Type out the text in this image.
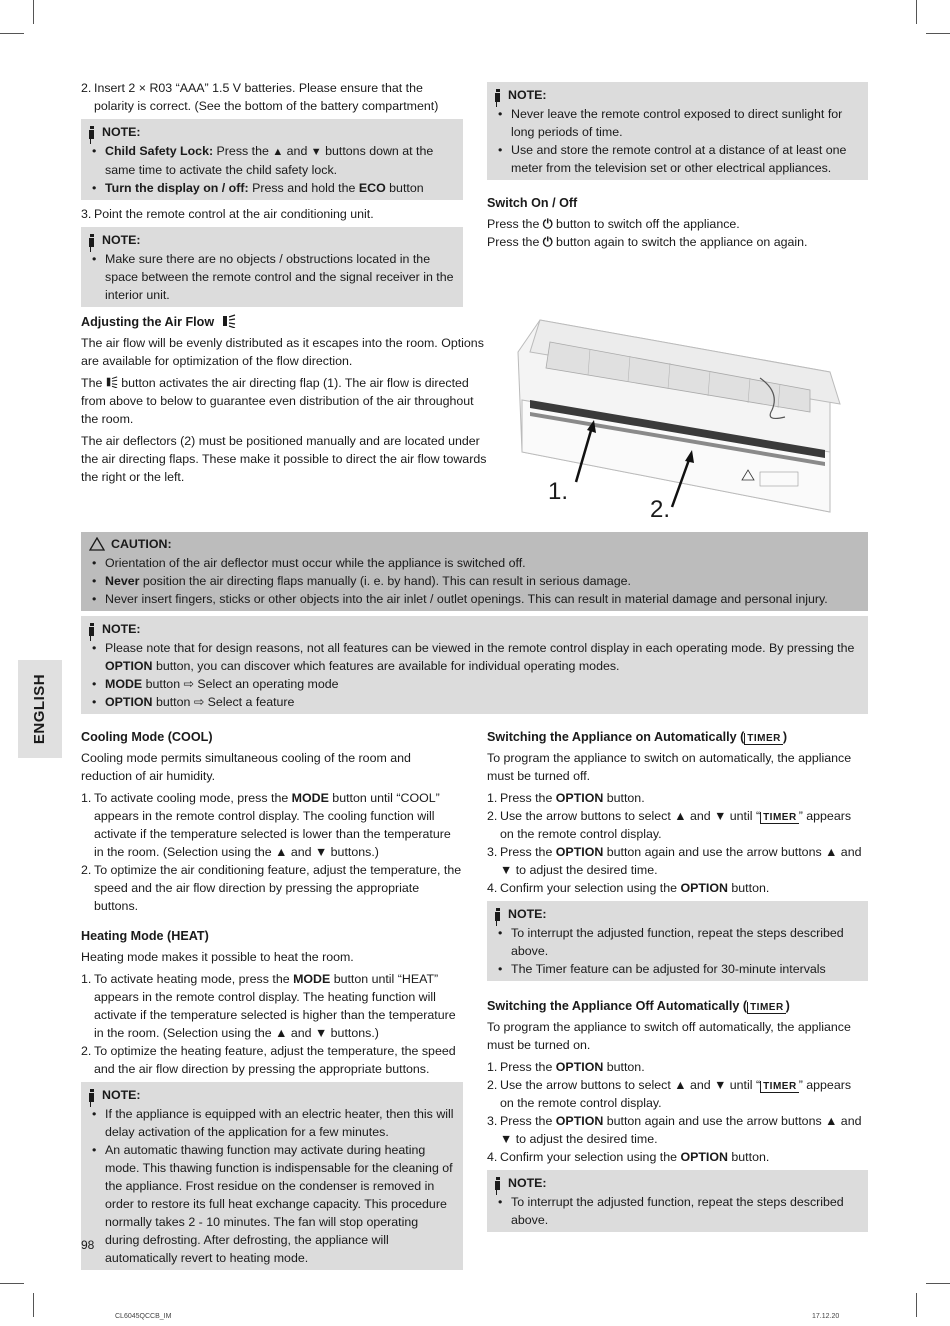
ENGLISH
2. Insert 2 × R03 “AAA” 1.5 V batteries. Please ensure that the polarity is correct. (See the bottom of the battery compartment)
NOTE:
• Child Safety Lock: Press the ▲ and ▼ buttons down at the same time to activate the child safety lock.
• Turn the display on / off: Press and hold the ECO button
3. Point the remote control at the air conditioning unit.
NOTE:
• Make sure there are no objects / obstructions located in the space between the remote control and the signal receiver in the interior unit.
NOTE:
• Never leave the remote control exposed to direct sunlight for long periods of time.
• Use and store the remote control at a distance of at least one meter from the television set or other electrical appliances.

Switch On / Off

Press the ⏻ button to switch off the appliance.

Press the ⏻ button again to switch the appliance on again.

Adjusting the Air Flow

The air flow will be evenly distributed as it escapes into the room. Options are available for optimization of the flow direction.

The  button activates the air directing flap (1). The air flow is directed from above to below to guarantee even distribution of the air throughout the room.

The air deflectors (2) must be positioned manually and are located under the air directing flaps. These make it possible to direct the air flow towards the right or the left.

1.
2.
CAUTION:
• Orientation of the air deflector must occur while the appliance is switched off.
• Never position the air directing flaps manually (i. e. by hand). This can result in serious damage.
• Never insert fingers, sticks or other objects into the air inlet / outlet openings. This can result in material damage and personal injury.
NOTE:
• Please note that for design reasons, not all features can be viewed in the remote control display in each operating mode. By pressing the OPTION button, you can discover which features are available for individual operating modes.
• MODE button ⇨ Select an operating mode
• OPTION button ⇨ Select a feature

Cooling Mode (COOL)

Cooling mode permits simultaneous cooling of the room and reduction of air humidity.

1. To activate cooling mode, press the MODE button until “COOL” appears in the remote control display. The cooling function will activate if the temperature selected is lower than the temperature in the room. (Selection using the ▲ and ▼ buttons.)
2. To optimize the air conditioning feature, adjust the temperature, the speed and the air flow direction by pressing the appropriate buttons.

Heating Mode (HEAT)

Heating mode makes it possible to heat the room.

1. To activate heating mode, press the MODE button until “HEAT” appears in the remote control display. The heating function will activate if the temperature selected is higher than the temperature in the room. (Selection using the ▲ and ▼ buttons.)
2. To optimize the heating feature, adjust the temperature, the speed and the air flow direction by pressing the appropriate buttons.
NOTE:
• If the appliance is equipped with an electric heater, then this will delay activation of the application for a few minutes.
• An automatic thawing function may activate during heating mode. This thawing function is indispensable for the cleaning of the appliance. Frost residue on the condenser is removed in order to restore its full heat exchange capacity. This procedure normally takes 2 - 10 minutes. The fan will stop operating during defrosting. After defrosting, the appliance will automatically revert to heating mode.

Switching the Appliance on Automatically ( TIMER )

To program the appliance to switch on automatically, the appliance must be turned off.

1. Press the OPTION button.
2. Use the arrow buttons to select ▲ and ▼ until “ TIMER ” appears on the remote control display.
3. Press the OPTION button again and use the arrow buttons ▲ and ▼ to adjust the desired time.
4. Confirm your selection using the OPTION button.
NOTE:
• To interrupt the adjusted function, repeat the steps described above.
• The Timer feature can be adjusted for 30-minute intervals

Switching the Appliance Off Automatically ( TIMER )

To program the appliance to switch off automatically, the appliance must be turned on.

1. Press the OPTION button.
2. Use the arrow buttons to select ▲ and ▼ until “ TIMER ” appears on the remote control display.
3. Press the OPTION button again and use the arrow buttons ▲ and ▼ to adjust the desired time.
4. Confirm your selection using the OPTION button.
NOTE:
• To interrupt the adjusted function, repeat the steps described above.
98
CL6045QCCB_IM	17.12.20
